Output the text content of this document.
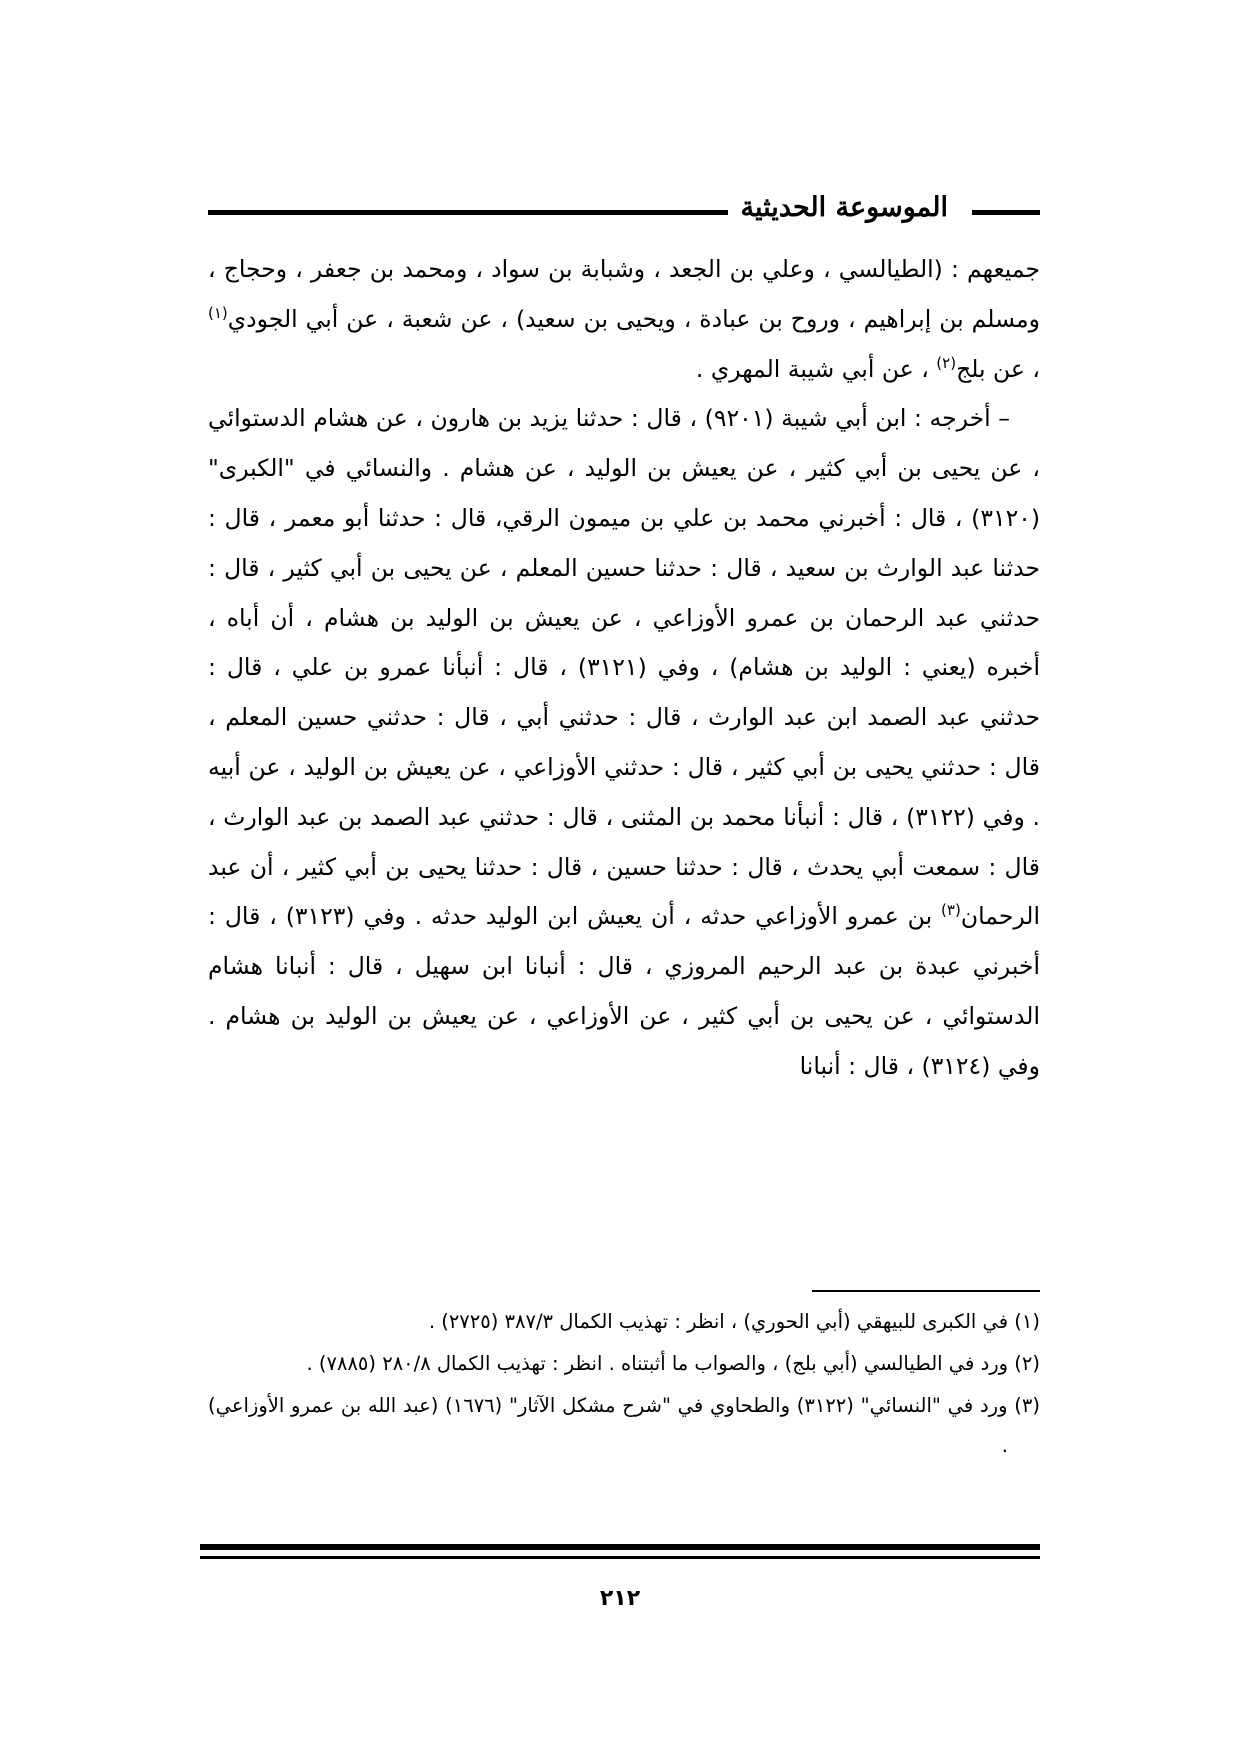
الموسوعة الحديثية

جميعهم : (الطيالسي ، وعلي بن الجعد ، وشبابة بن سواد ، ومحمد بن جعفر ، وحجاج ، ومسلم بن إبراهيم ، وروح بن عبادة ، ويحيى بن سعيد) ، عن شعبة ، عن أبي الجودي$^{(١)}$ ، عن بلج$^{(٢)}$ ، عن أبي شيبة المهري .

– أخرجه : ابن أبي شيبة (٩٢٠١) ، قال : حدثنا يزيد بن هارون ، عن هشام الدستوائي ، عن يحيى بن أبي كثير ، عن يعيش بن الوليد ، عن هشام . والنسائي في "الكبرى" (٣١٢٠) ، قال : أخبرني محمد بن علي بن ميمون الرقي، قال : حدثنا أبو معمر ، قال : حدثنا عبد الوارث بن سعيد ، قال : حدثنا حسين المعلم ، عن يحيى بن أبي كثير ، قال : حدثني عبد الرحمان بن عمرو الأوزاعي ، عن يعيش بن الوليد بن هشام ، أن أباه ، أخبره (يعني : الوليد بن هشام) ، وفي (٣١٢١) ، قال : أنبأنا عمرو بن علي ، قال : حدثني عبد الصمد ابن عبد الوارث ، قال : حدثني أبي ، قال : حدثني حسين المعلم ، قال : حدثني يحيى بن أبي كثير ، قال : حدثني الأوزاعي ، عن يعيش بن الوليد ، عن أبيه . وفي (٣١٢٢) ، قال : أنبأنا محمد بن المثنى ، قال : حدثني عبد الصمد بن عبد الوارث ، قال : سمعت أبي يحدث ، قال : حدثنا حسين ، قال : حدثنا يحيى بن أبي كثير ، أن عبد الرحمان$^{(٣)}$ بن عمرو الأوزاعي حدثه ، أن يعيش ابن الوليد حدثه . وفي (٣١٢٣) ، قال : أخبرني عبدة بن عبد الرحيم المروزي ، قال : أنبانا ابن سهيل ، قال : أنبانا هشام الدستوائي ، عن يحيى بن أبي كثير ، عن الأوزاعي ، عن يعيش بن الوليد بن هشام . وفي (٣١٢٤) ، قال : أنبانا

(١) في الكبرى للبيهقي (أبي الحوري) ، انظر : تهذيب الكمال ٣٨٧/٣ (٢٧٢٥) .

(٢) ورد في الطيالسي (أبي بلج) ، والصواب ما أثبتناه . انظر : تهذيب الكمال ٢٨٠/٨ (٧٨٨٥) .

(٣) ورد في "النسائي" (٣١٢٢) والطحاوي في "شرح مشكل الآثار" (١٦٧٦) (عبد الله بن عمرو الأوزاعي) .

٢١٢
